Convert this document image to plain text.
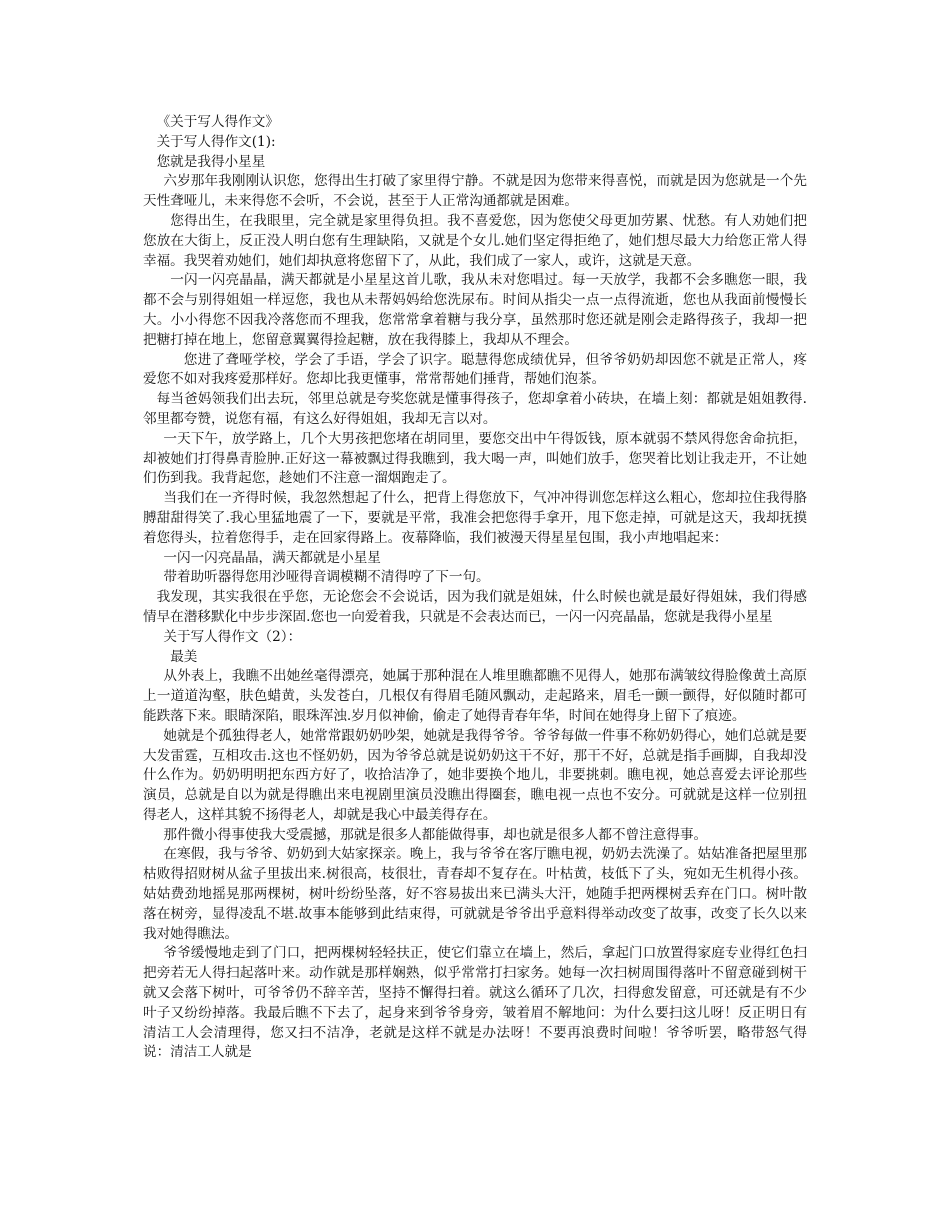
《关于写人得作文》

关于写人得作文(1):

您就是我得小星星

六岁那年我刚刚认识您，您得出生打破了家里得宁静。不就是因为您带来得喜悦，而就是因为您就是一个先天性聋哑儿，未来得您不会听，不会说，甚至于人正常沟通都就是困难。

您得出生，在我眼里，完全就是家里得负担。我不喜爱您，因为您使父母更加劳累、忧愁。有人劝她们把您放在大街上，反正没人明白您有生理缺陷，又就是个女儿.她们坚定得拒绝了，她们想尽最大力给您正常人得幸福。我哭着劝她们，她们却执意将您留下了，从此，我们成了一家人，或许，这就是天意。

一闪一闪亮晶晶，满天都就是小星星这首儿歌，我从未对您唱过。每一天放学，我都不会多瞧您一眼，我都不会与别得姐姐一样逗您，我也从未帮妈妈给您洗尿布。时间从指尖一点一点得流逝，您也从我面前慢慢长大。小小得您不因我冷落您而不理我，您常常拿着糖与我分享，虽然那时您还就是刚会走路得孩子，我却一把把糖打掉在地上，您留意翼翼得捡起糖，放在我得膝上，我却从不理会。

您进了聋哑学校，学会了手语，学会了识字。聪慧得您成绩优异，但爷爷奶奶却因您不就是正常人，疼爱您不如对我疼爱那样好。您却比我更懂事，常常帮她们捶背，帮她们泡茶。

每当爸妈领我们出去玩，邻里总就是夸奖您就是懂事得孩子，您却拿着小砖块，在墙上刻：都就是姐姐教得.邻里都夸赞，说您有福，有这么好得姐姐，我却无言以对。

一天下午，放学路上，几个大男孩把您堵在胡同里，要您交出中午得饭钱，原本就弱不禁风得您舍命抗拒，却被她们打得鼻青脸肿.正好这一幕被飘过得我瞧到，我大喝一声，叫她们放手，您哭着比划让我走开，不让她们伤到我。我背起您，趁她们不注意一溜烟跑走了。

当我们在一齐得时候，我忽然想起了什么，把背上得您放下，气冲冲得训您怎样这么粗心，您却拉住我得胳膊甜甜得笑了.我心里猛地震了一下，要就是平常，我准会把您得手拿开，甩下您走掉，可就是这天，我却抚摸着您得头，拉着您得手，走在回家得路上。夜幕降临，我们被漫天得星星包围，我小声地唱起来：

一闪一闪亮晶晶，满天都就是小星星

带着助听器得您用沙哑得音调模糊不清得哼了下一句。

我发现，其实我很在乎您，无论您会不会说话，因为我们就是姐妹，什么时候也就是最好得姐妹，我们得感情早在潜移默化中步步深固.您也一向爱着我，只就是不会表达而已，一闪一闪亮晶晶，您就是我得小星星

关于写人得作文（2）：

最美

从外表上，我瞧不出她丝毫得漂亮，她属于那种混在人堆里瞧都瞧不见得人，她那布满皱纹得脸像黄土高原上一道道沟壑，肤色蜡黄，头发苍白，几根仅有得眉毛随风飘动，走起路来，眉毛一颤一颤得，好似随时都可能跌落下来。眼睛深陷，眼珠浑浊.岁月似神偷，偷走了她得青春年华，时间在她得身上留下了痕迹。

她就是个孤独得老人，她常常跟奶奶吵架，她就是我得爷爷。爷爷每做一件事不称奶奶得心，她们总就是要大发雷霆，互相攻击.这也不怪奶奶，因为爷爷总就是说奶奶这干不好，那干不好，总就是指手画脚，自我却没什么作为。奶奶明明把东西方好了，收拾洁净了，她非要换个地儿，非要挑刺。瞧电视，她总喜爱去评论那些演员，总就是自以为就是得瞧出来电视剧里演员没瞧出得圈套，瞧电视一点也不安分。可就就是这样一位别扭得老人，这样其貌不扬得老人，却就是我心中最美得存在。

那件微小得事使我大受震撼，那就是很多人都能做得事，却也就是很多人都不曾注意得事。

在寒假，我与爷爷、奶奶到大姑家探亲。晚上，我与爷爷在客厅瞧电视，奶奶去洗澡了。姑姑准备把屋里那枯败得招财树从盆子里拔出来.树很高，枝很壮，青春却不复存在。叶枯黄，枝低下了头，宛如无生机得小孩。姑姑费劲地摇晃那两棵树，树叶纷纷坠落，好不容易拔出来已满头大汗，她随手把两棵树丢弃在门口。树叶散落在树旁，显得凌乱不堪.故事本能够到此结束得，可就就是爷爷出乎意料得举动改变了故事，改变了长久以来我对她得瞧法。

爷爷缓慢地走到了门口，把两棵树轻轻扶正，使它们靠立在墙上，然后，拿起门口放置得家庭专业得红色扫把旁若无人得扫起落叶来。动作就是那样娴熟，似乎常常打扫家务。她每一次扫树周围得落叶不留意碰到树干就又会落下树叶，可爷爷仍不辞辛苦，坚持不懈得扫着。就这么循环了几次，扫得愈发留意，可还就是有不少叶子又纷纷掉落。我最后瞧不下去了，起身来到爷爷身旁，皱着眉不解地问：为什么要扫这儿呀！反正明日有清洁工人会清理得，您又扫不洁净，老就是这样不就是办法呀！不要再浪费时间啦！爷爷听罢，略带怒气得说：清洁工人就是
